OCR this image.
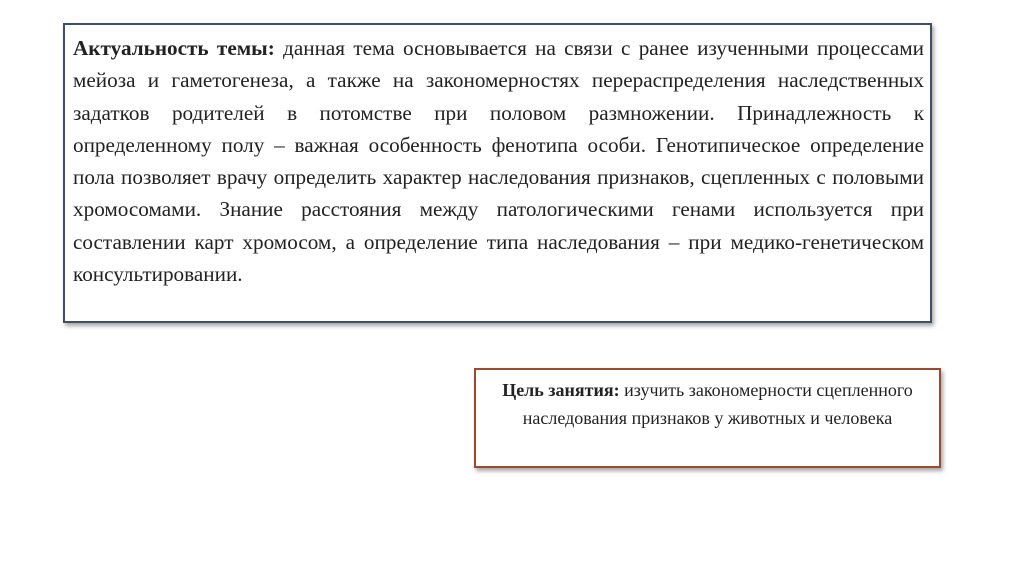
Актуальность темы: данная тема основывается на связи с ранее изученными процессами мейоза и гаметогенеза, а также на закономерностях перераспределения наследственных задатков родителей в потомстве при половом размножении. Принадлежность к определенному полу – важная особенность фенотипа особи. Генотипическое определение пола позволяет врачу определить характер наследования признаков, сцепленных с половыми хромосомами. Знание расстояния между патологическими генами используется при составлении карт хромосом, а определение типа наследования – при медико-генетическом консультировании.

Цель занятия: изучить закономерности сцепленного наследования признаков у животных и человека
